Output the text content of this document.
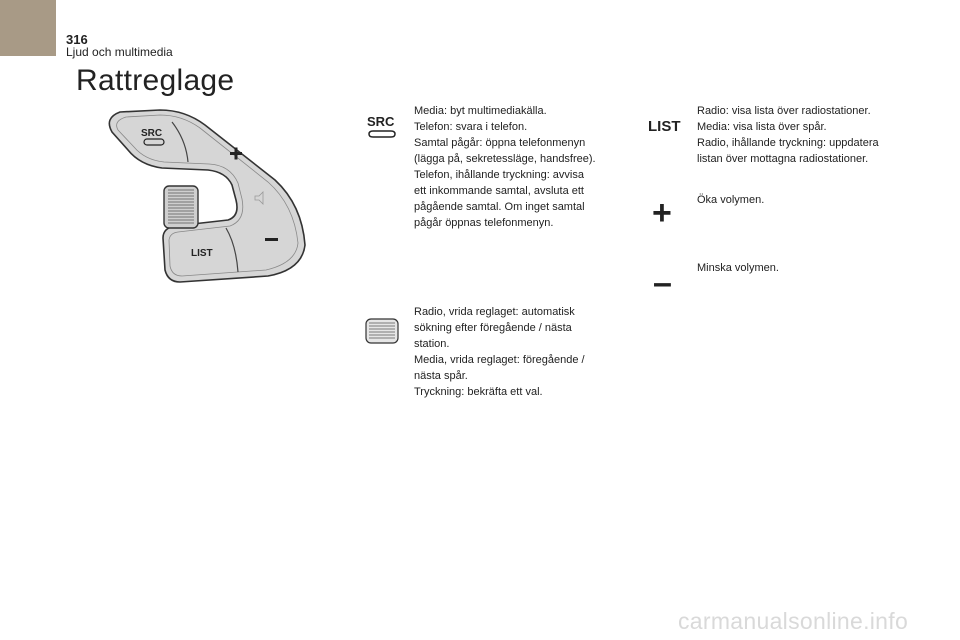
316
Ljud och multimedia
Rattreglage
SRC
LIST
SRC
Media: byt multimediakälla.
Telefon: svara i telefon.
Samtal pågår: öppna telefonmenyn
(lägga på, sekretessläge, handsfree).
Telefon, ihållande tryckning: avvisa
ett inkommande samtal, avsluta ett
pågående samtal. Om inget samtal
pågår öppnas telefonmenyn.
Radio, vrida reglaget: automatisk
sökning efter föregående / nästa
station.
Media, vrida reglaget: föregående /
nästa spår.
Tryckning: bekräfta ett val.
LIST
Radio: visa lista över radiostationer.
Media: visa lista över spår.
Radio, ihållande tryckning: uppdatera
listan över mottagna radiostationer.
+ Öka volymen.
– Minska volymen.
carmanualsonline.info
